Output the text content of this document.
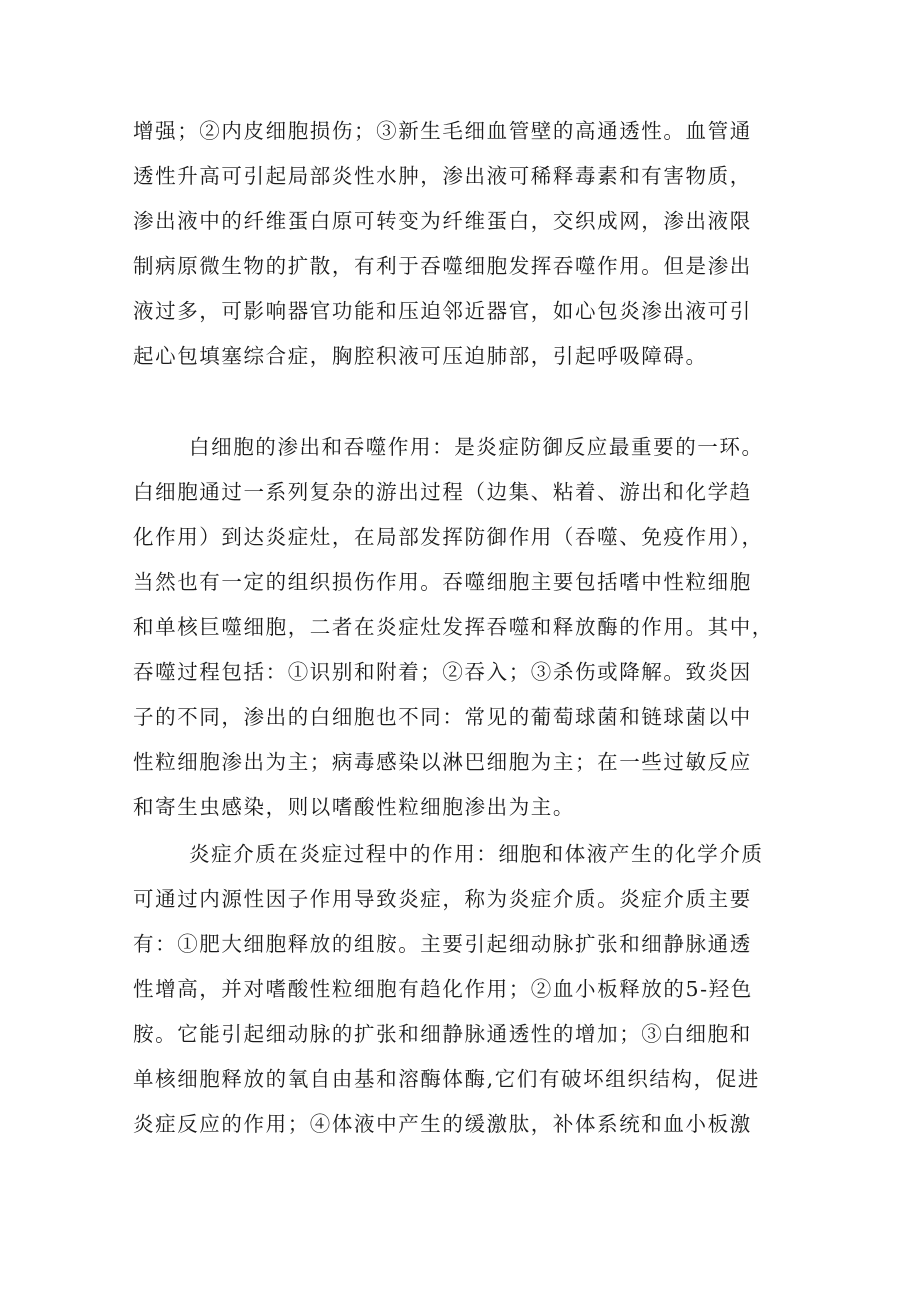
增强；②内皮细胞损伤；③新生毛细血管壁的高通透性。血管通
透性升高可引起局部炎性水肿，渗出液可稀释毒素和有害物质，
渗出液中的纤维蛋白原可转变为纤维蛋白，交织成网，渗出液限
制病原微生物的扩散，有利于吞噬细胞发挥吞噬作用。但是渗出
液过多，可影响器官功能和压迫邻近器官，如心包炎渗出液可引
起心包填塞综合症，胸腔积液可压迫肺部，引起呼吸障碍。
白细胞的渗出和吞噬作用：是炎症防御反应最重要的一环。
白细胞通过一系列复杂的游出过程（边集、粘着、游出和化学趋
化作用）到达炎症灶，在局部发挥防御作用（吞噬、免疫作用），
当然也有一定的组织损伤作用。吞噬细胞主要包括嗜中性粒细胞
和单核巨噬细胞，二者在炎症灶发挥吞噬和释放酶的作用。其中，
吞噬过程包括：①识别和附着；②吞入；③杀伤或降解。致炎因
子的不同，渗出的白细胞也不同：常见的葡萄球菌和链球菌以中
性粒细胞渗出为主；病毒感染以淋巴细胞为主；在一些过敏反应
和寄生虫感染，则以嗜酸性粒细胞渗出为主。
炎症介质在炎症过程中的作用：细胞和体液产生的化学介质
可通过内源性因子作用导致炎症，称为炎症介质。炎症介质主要
有：①肥大细胞释放的组胺。主要引起细动脉扩张和细静脉通透
性增高，并对嗜酸性粒细胞有趋化作用；②血小板释放的5-羟色
胺。它能引起细动脉的扩张和细静脉通透性的增加；③白细胞和
单核细胞释放的氧自由基和溶酶体酶,它们有破坏组织结构，促进
炎症反应的作用；④体液中产生的缓激肽，补体系统和血小板激
